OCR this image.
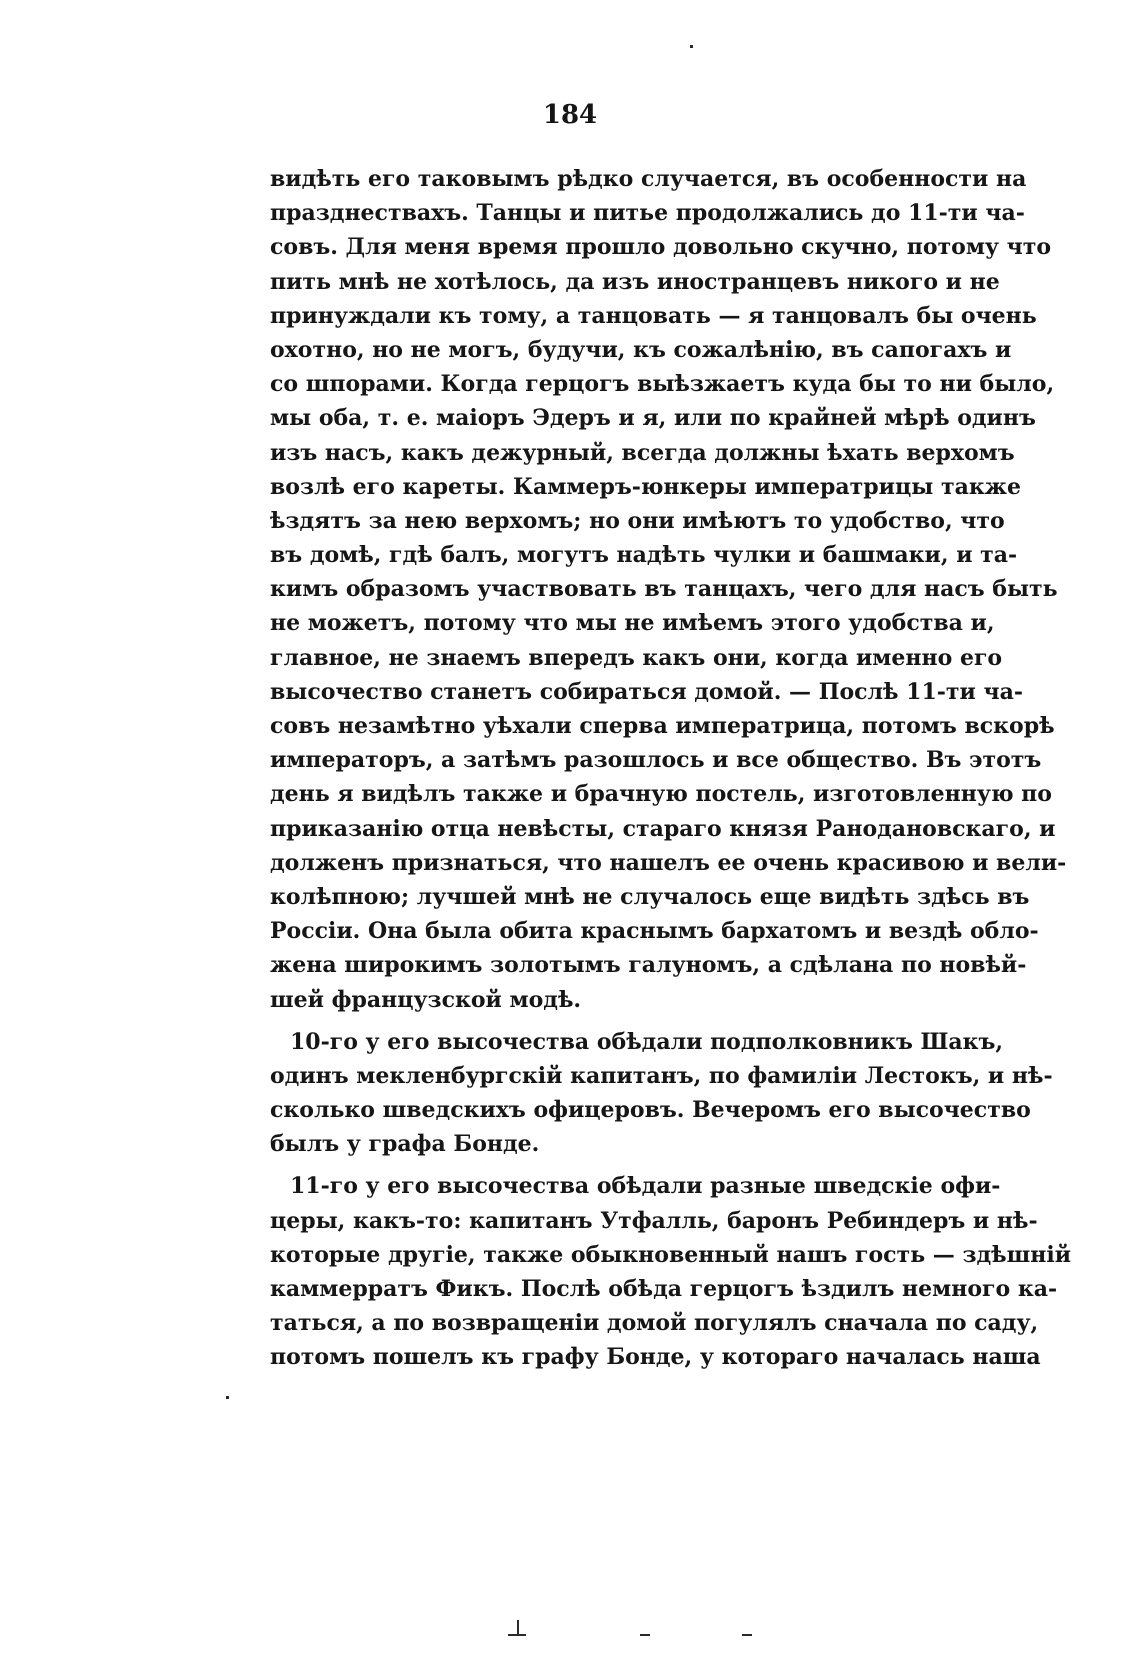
184
видѣть его таковымъ рѣдко случается, въ особенности на
празднествахъ. Танцы и питье продолжались до 11-ти ча-
совъ. Для меня время прошло довольно скучно, потому что
пить мнѣ не хотѣлось, да изъ иностранцевъ никого и не
принуждали къ тому, а танцовать — я танцовалъ бы очень
охотно, но не могъ, будучи, къ сожалѣнію, въ сапогахъ и
со шпорами. Когда герцогъ выѣзжаетъ куда бы то ни было,
мы оба, т. е. маіоръ Эдеръ и я, или по крайней мѣрѣ одинъ
изъ насъ, какъ дежурный, всегда должны ѣхать верхомъ
возлѣ его кареты. Каммеръ-юнкеры императрицы также
ѣздятъ за нею верхомъ; но они имѣютъ то удобство, что
въ домѣ, гдѣ балъ, могутъ надѣть чулки и башмаки, и та-
кимъ образомъ участвовать въ танцахъ, чего для насъ быть
не можетъ, потому что мы не имѣемъ этого удобства и,
главное, не знаемъ впередъ какъ они, когда именно его
высочество станетъ собираться домой. — Послѣ 11-ти ча-
совъ незамѣтно уѣхали сперва императрица, потомъ вскорѣ
императоръ, а затѣмъ разошлось и все общество. Въ этотъ
день я видѣлъ также и брачную постель, изготовленную по
приказанію отца невѣсты, стараго князя Ранодановскаго, и
долженъ признаться, что нашелъ ее очень красивою и вели-
колѣпною; лучшей мнѣ не случалось еще видѣть здѣсь въ
Россіи. Она была обита краснымъ бархатомъ и вездѣ обло-
жена широкимъ золотымъ галуномъ, а сдѣлана по новѣй-
шей французской модѣ.
10-го у его высочества обѣдали подполковникъ Шакъ,
одинъ мекленбургскій капитанъ, по фамиліи Лестокъ, и нѣ-
сколько шведскихъ офицеровъ. Вечеромъ его высочество
былъ у графа Бонде.
11-го у его высочества обѣдали разные шведскіе офи-
церы, какъ-то: капитанъ Утфалль, баронъ Ребиндеръ и нѣ-
которые другіе, также обыкновенный нашъ гость — здѣшній
каммерратъ Фикъ. Послѣ обѣда герцогъ ѣздилъ немного ка-
таться, а по возвращеніи домой погулялъ сначала по саду,
потомъ пошелъ къ графу Бонде, у котораго началась наша
